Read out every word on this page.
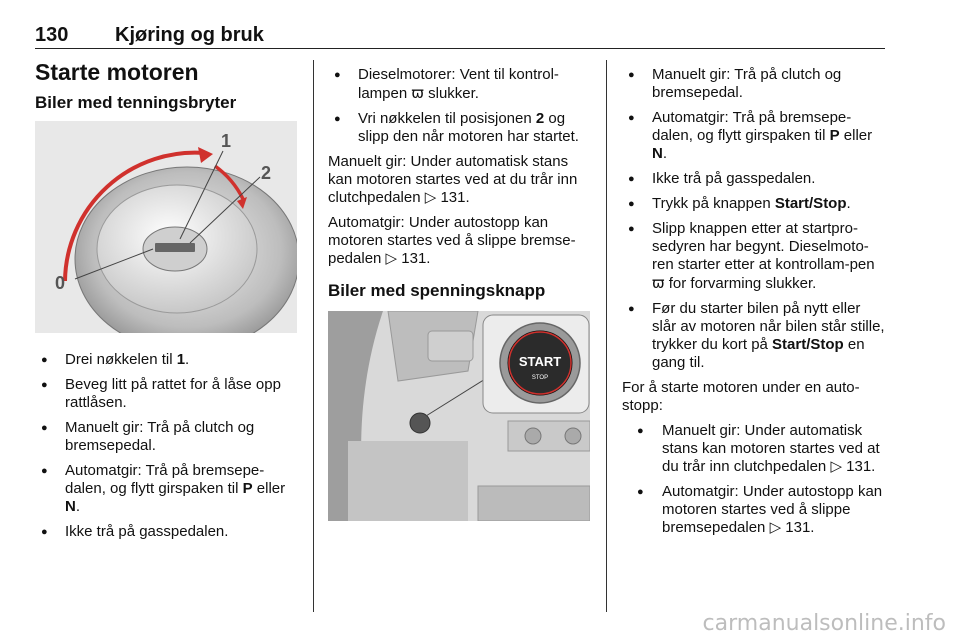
130 Kjøring og bruk
Starte motoren
Biler med tenningsbryter
1
2
0
● Drei nøkkelen til 1.
● Beveg litt på rattet for å låse opp rattlåsen.
● Manuelt gir: Trå på clutch og bremsepedal.
● Automatgir: Trå på bremsepe-dalen, og flytt girspaken til P eller N.
● Ikke trå på gasspedalen.
● Dieselmotorer: Vent til kontrol-lampen ϖ slukker.
● Vri nøkkelen til posisjonen 2 og slipp den når motoren har startet.

Manuelt gir: Under automatisk stans kan motoren startes ved at du trår inn clutchpedalen ▷ 131.

Automatgir: Under autostopp kan motoren startes ved å slippe bremse-pedalen ▷ 131.

Biler med spenningsknapp
START
STOP
● Manuelt gir: Trå på clutch og bremsepedal.
● Automatgir: Trå på bremsepe-dalen, og flytt girspaken til P eller N.
● Ikke trå på gasspedalen.
● Trykk på knappen Start/Stop.
● Slipp knappen etter at startpro-sedyren har begynt. Dieselmoto-ren starter etter at kontrollam-pen ϖ for forvarming slukker.
● Før du starter bilen på nytt eller slår av motoren når bilen står stille, trykker du kort på Start/Stop en gang til.

For å starte motoren under en auto-stopp:

● Manuelt gir: Under automatisk stans kan motoren startes ved at du trår inn clutchpedalen ▷ 131.
● Automatgir: Under autostopp kan motoren startes ved å slippe bremsepedalen ▷ 131.
carmanualsonline.info
